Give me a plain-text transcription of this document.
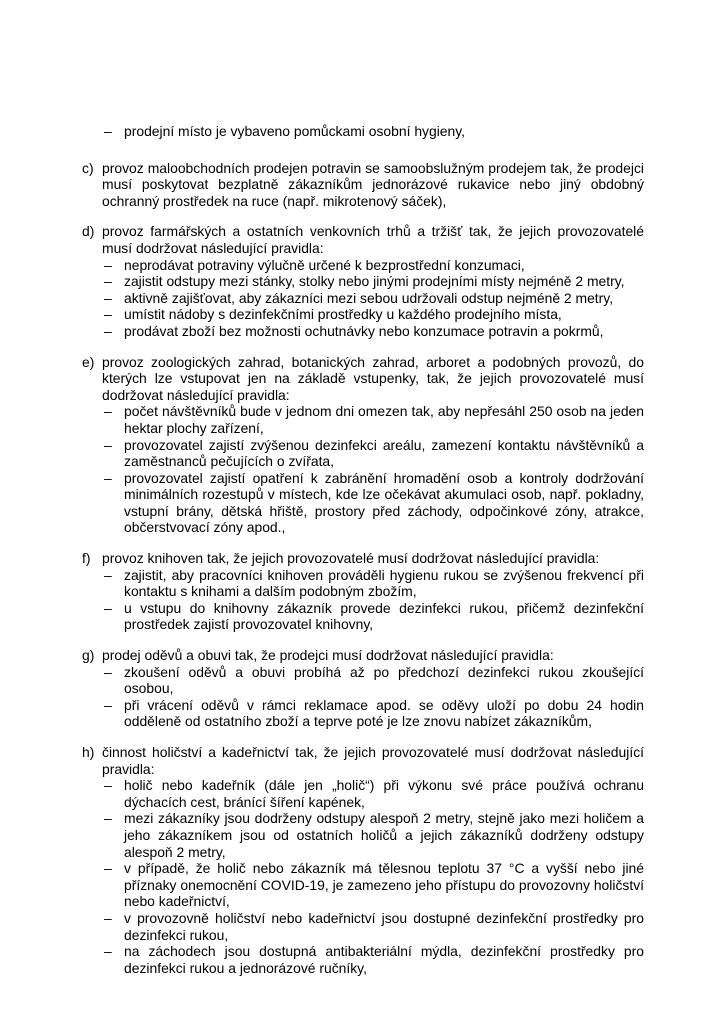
– prodejní místo je vybaveno pomůckami osobní hygieny,
c) provoz maloobchodních prodejen potravin se samoobslužným prodejem tak, že prodejci musí poskytovat bezplatně zákazníkům jednorázové rukavice nebo jiný obdobný ochranný prostředek na ruce (např. mikrotenový sáček),
d) provoz farmářských a ostatních venkovních trhů a tržišť tak, že jejich provozovatelé musí dodržovat následující pravidla:
– neprodávat potraviny výlučně určené k bezprostřední konzumaci,
– zajistit odstupy mezi stánky, stolky nebo jinými prodejními místy nejméně 2 metry,
– aktivně zajišťovat, aby zákazníci mezi sebou udržovali odstup nejméně 2 metry,
– umístit nádoby s dezinfekčními prostředky u každého prodejního místa,
– prodávat zboží bez možnosti ochutnávky nebo konzumace potravin a pokrmů,
e) provoz zoologických zahrad, botanických zahrad, arboret a podobných provozů, do kterých lze vstupovat jen na základě vstupenky, tak, že jejich provozovatelé musí dodržovat následující pravidla:
– počet návštěvníků bude v jednom dni omezen tak, aby nepřesáhl 250 osob na jeden hektar plochy zařízení,
– provozovatel zajistí zvýšenou dezinfekci areálu, zamezení kontaktu návštěvníků a zaměstnanců pečujících o zvířata,
– provozovatel zajistí opatření k zabránění hromadění osob a kontroly dodržování minimálních rozestupů v místech, kde lze očekávat akumulaci osob, např. pokladny, vstupní brány, dětská hřiště, prostory před záchody, odpočinkové zóny, atrakce, občerstvovací zóny apod.,
f) provoz knihoven tak, že jejich provozovatelé musí dodržovat následující pravidla:
– zajistit, aby pracovníci knihoven prováděli hygienu rukou se zvýšenou frekvencí při kontaktu s knihami a dalším podobným zbožím,
– u vstupu do knihovny zákazník provede dezinfekci rukou, přičemž dezinfekční prostředek zajistí provozovatel knihovny,
g) prodej oděvů a obuvi tak, že prodejci musí dodržovat následující pravidla:
– zkoušení oděvů a obuvi probíhá až po předchozí dezinfekci rukou zkoušející osobou,
– při vrácení oděvů v rámci reklamace apod. se oděvy uloží po dobu 24 hodin odděleně od ostatního zboží a teprve poté je lze znovu nabízet zákazníkům,
h) činnost holičství a kadeřnictví tak, že jejich provozovatelé musí dodržovat následující pravidla:
– holič nebo kadeřník (dále jen „holič“) při výkonu své práce používá ochranu dýchacích cest, bránící šíření kapének,
– mezi zákazníky jsou dodrženy odstupy alespoň 2 metry, stejně jako mezi holičem a jeho zákazníkem jsou od ostatních holičů a jejich zákazníků dodrženy odstupy alespoň 2 metry,
– v případě, že holič nebo zákazník má tělesnou teplotu 37 °C a vyšší nebo jiné příznaky onemocnění COVID-19, je zamezeno jeho přístupu do provozovny holičství nebo kadeřnictví,
– v provozovně holičství nebo kadeřnictví jsou dostupné dezinfekční prostředky pro dezinfekci rukou,
– na záchodech jsou dostupná antibakteriální mýdla, dezinfekční prostředky pro dezinfekci rukou a jednorázové ručníky,
